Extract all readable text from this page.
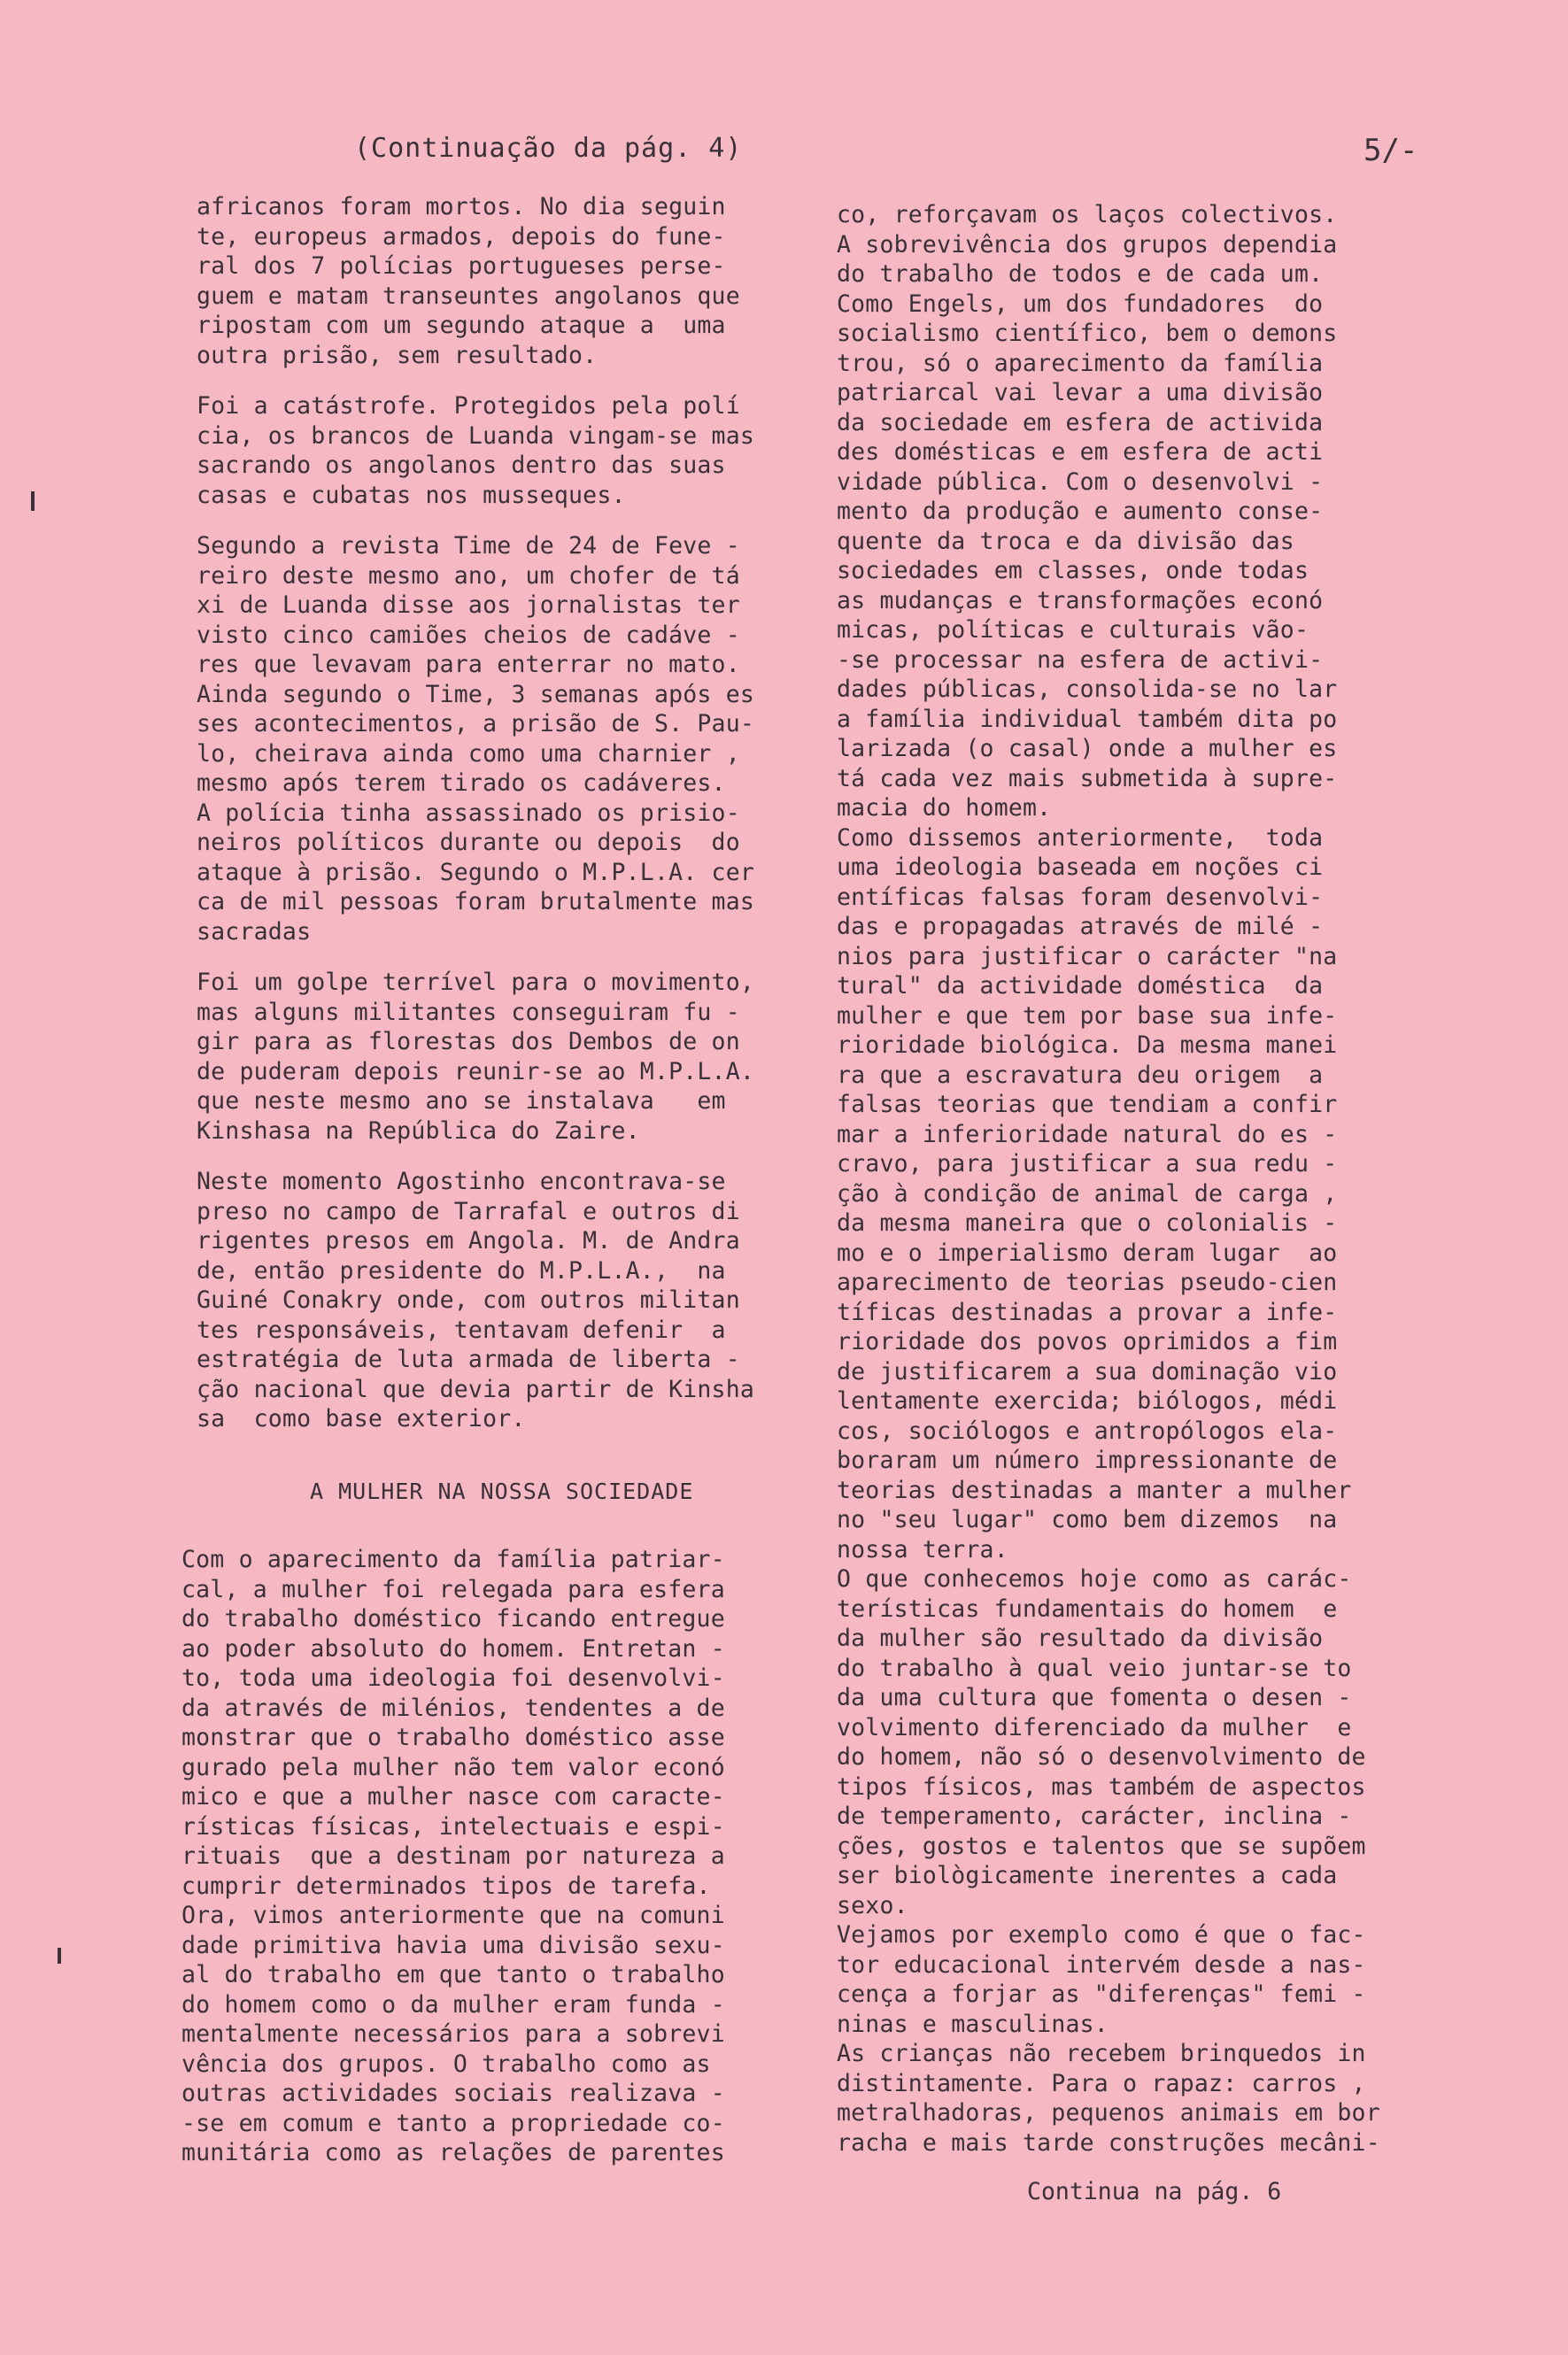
(Continuação da pág. 4)	5/-
africanos foram mortos. No dia seguin
te, europeus armados, depois do fune-
ral dos 7 polícias portugueses perse-
guem e matam transeuntes angolanos que
ripostam com um segundo ataque a  uma
outra prisão, sem resultado.
Foi a catástrofe. Protegidos pela polí
cia, os brancos de Luanda vingam-se mas
sacrando os angolanos dentro das suas
casas e cubatas nos musseques.
Segundo a revista Time de 24 de Feve -
reiro deste mesmo ano, um chofer de tá
xi de Luanda disse aos jornalistas ter
visto cinco camiões cheios de cadáve -
res que levavam para enterrar no mato.
Ainda segundo o Time, 3 semanas após es
ses acontecimentos, a prisão de S. Pau-
lo, cheirava ainda como uma charnier ,
mesmo após terem tirado os cadáveres.
A polícia tinha assassinado os prisio-
neiros políticos durante ou depois  do
ataque à prisão. Segundo o M.P.L.A. cer
ca de mil pessoas foram brutalmente mas
sacradas
Foi um golpe terrível para o movimento,
mas alguns militantes conseguiram fu -
gir para as florestas dos Dembos de on
de puderam depois reunir-se ao M.P.L.A.
que neste mesmo ano se instalava   em
Kinshasa na República do Zaire.
Neste momento Agostinho encontrava-se
preso no campo de Tarrafal e outros di
rigentes presos em Angola. M. de Andra
de, então presidente do M.P.L.A.,  na
Guiné Conakry onde, com outros militan
tes responsáveis, tentavam defenir  a
estratégia de luta armada de liberta -
ção nacional que devia partir de Kinsha
sa  como base exterior.
A MULHER NA NOSSA SOCIEDADE
Com o aparecimento da família patriar-
cal, a mulher foi relegada para esfera
do trabalho doméstico ficando entregue
ao poder absoluto do homem. Entretan -
to, toda uma ideologia foi desenvolvi-
da através de milénios, tendentes a de
monstrar que o trabalho doméstico asse
gurado pela mulher não tem valor econó
mico e que a mulher nasce com caracte-
rísticas físicas, intelectuais e espi-
rituais  que a destinam por natureza a
cumprir determinados tipos de tarefa.
Ora, vimos anteriormente que na comuni
dade primitiva havia uma divisão sexu-
al do trabalho em que tanto o trabalho
do homem como o da mulher eram funda -
mentalmente necessários para a sobrevi
vência dos grupos. O trabalho como as
outras actividades sociais realizava -
-se em comum e tanto a propriedade co-
munitária como as relações de parentes
co, reforçavam os laços colectivos.
A sobrevivência dos grupos dependia
do trabalho de todos e de cada um.
Como Engels, um dos fundadores  do
socialismo científico, bem o demons
trou, só o aparecimento da família
patriarcal vai levar a uma divisão
da sociedade em esfera de activida
des domésticas e em esfera de acti
vidade pública. Com o desenvolvi -
mento da produção e aumento conse-
quente da troca e da divisão das
sociedades em classes, onde todas
as mudanças e transformações econó
micas, políticas e culturais vão-
-se processar na esfera de activi-
dades públicas, consolida-se no lar
a família individual também dita po
larizada (o casal) onde a mulher es
tá cada vez mais submetida à supre-
macia do homem.
Como dissemos anteriormente,  toda
uma ideologia baseada em noções ci
entíficas falsas foram desenvolvi-
das e propagadas através de milé -
nios para justificar o carácter "na
tural" da actividade doméstica  da
mulher e que tem por base sua infe-
rioridade biológica. Da mesma manei
ra que a escravatura deu origem  a
falsas teorias que tendiam a confir
mar a inferioridade natural do es -
cravo, para justificar a sua redu -
ção à condição de animal de carga ,
da mesma maneira que o colonialis -
mo e o imperialismo deram lugar  ao
aparecimento de teorias pseudo-cien
tíficas destinadas a provar a infe-
rioridade dos povos oprimidos a fim
de justificarem a sua dominação vio
lentamente exercida; biólogos, médi
cos, sociólogos e antropólogos ela-
boraram um número impressionante de
teorias destinadas a manter a mulher
no "seu lugar" como bem dizemos  na
nossa terra.
O que conhecemos hoje como as carác-
terísticas fundamentais do homem  e
da mulher são resultado da divisão
do trabalho à qual veio juntar-se to
da uma cultura que fomenta o desen -
volvimento diferenciado da mulher  e
do homem, não só o desenvolvimento de
tipos físicos, mas também de aspectos
de temperamento, carácter, inclina -
ções, gostos e talentos que se supõem
ser biològicamente inerentes a cada
sexo.
Vejamos por exemplo como é que o fac-
tor educacional intervém desde a nas-
cença a forjar as "diferenças" femi -
ninas e masculinas.
As crianças não recebem brinquedos in
distintamente. Para o rapaz: carros ,
metralhadoras, pequenos animais em bor
racha e mais tarde construções mecâni-
Continua na pág. 6
